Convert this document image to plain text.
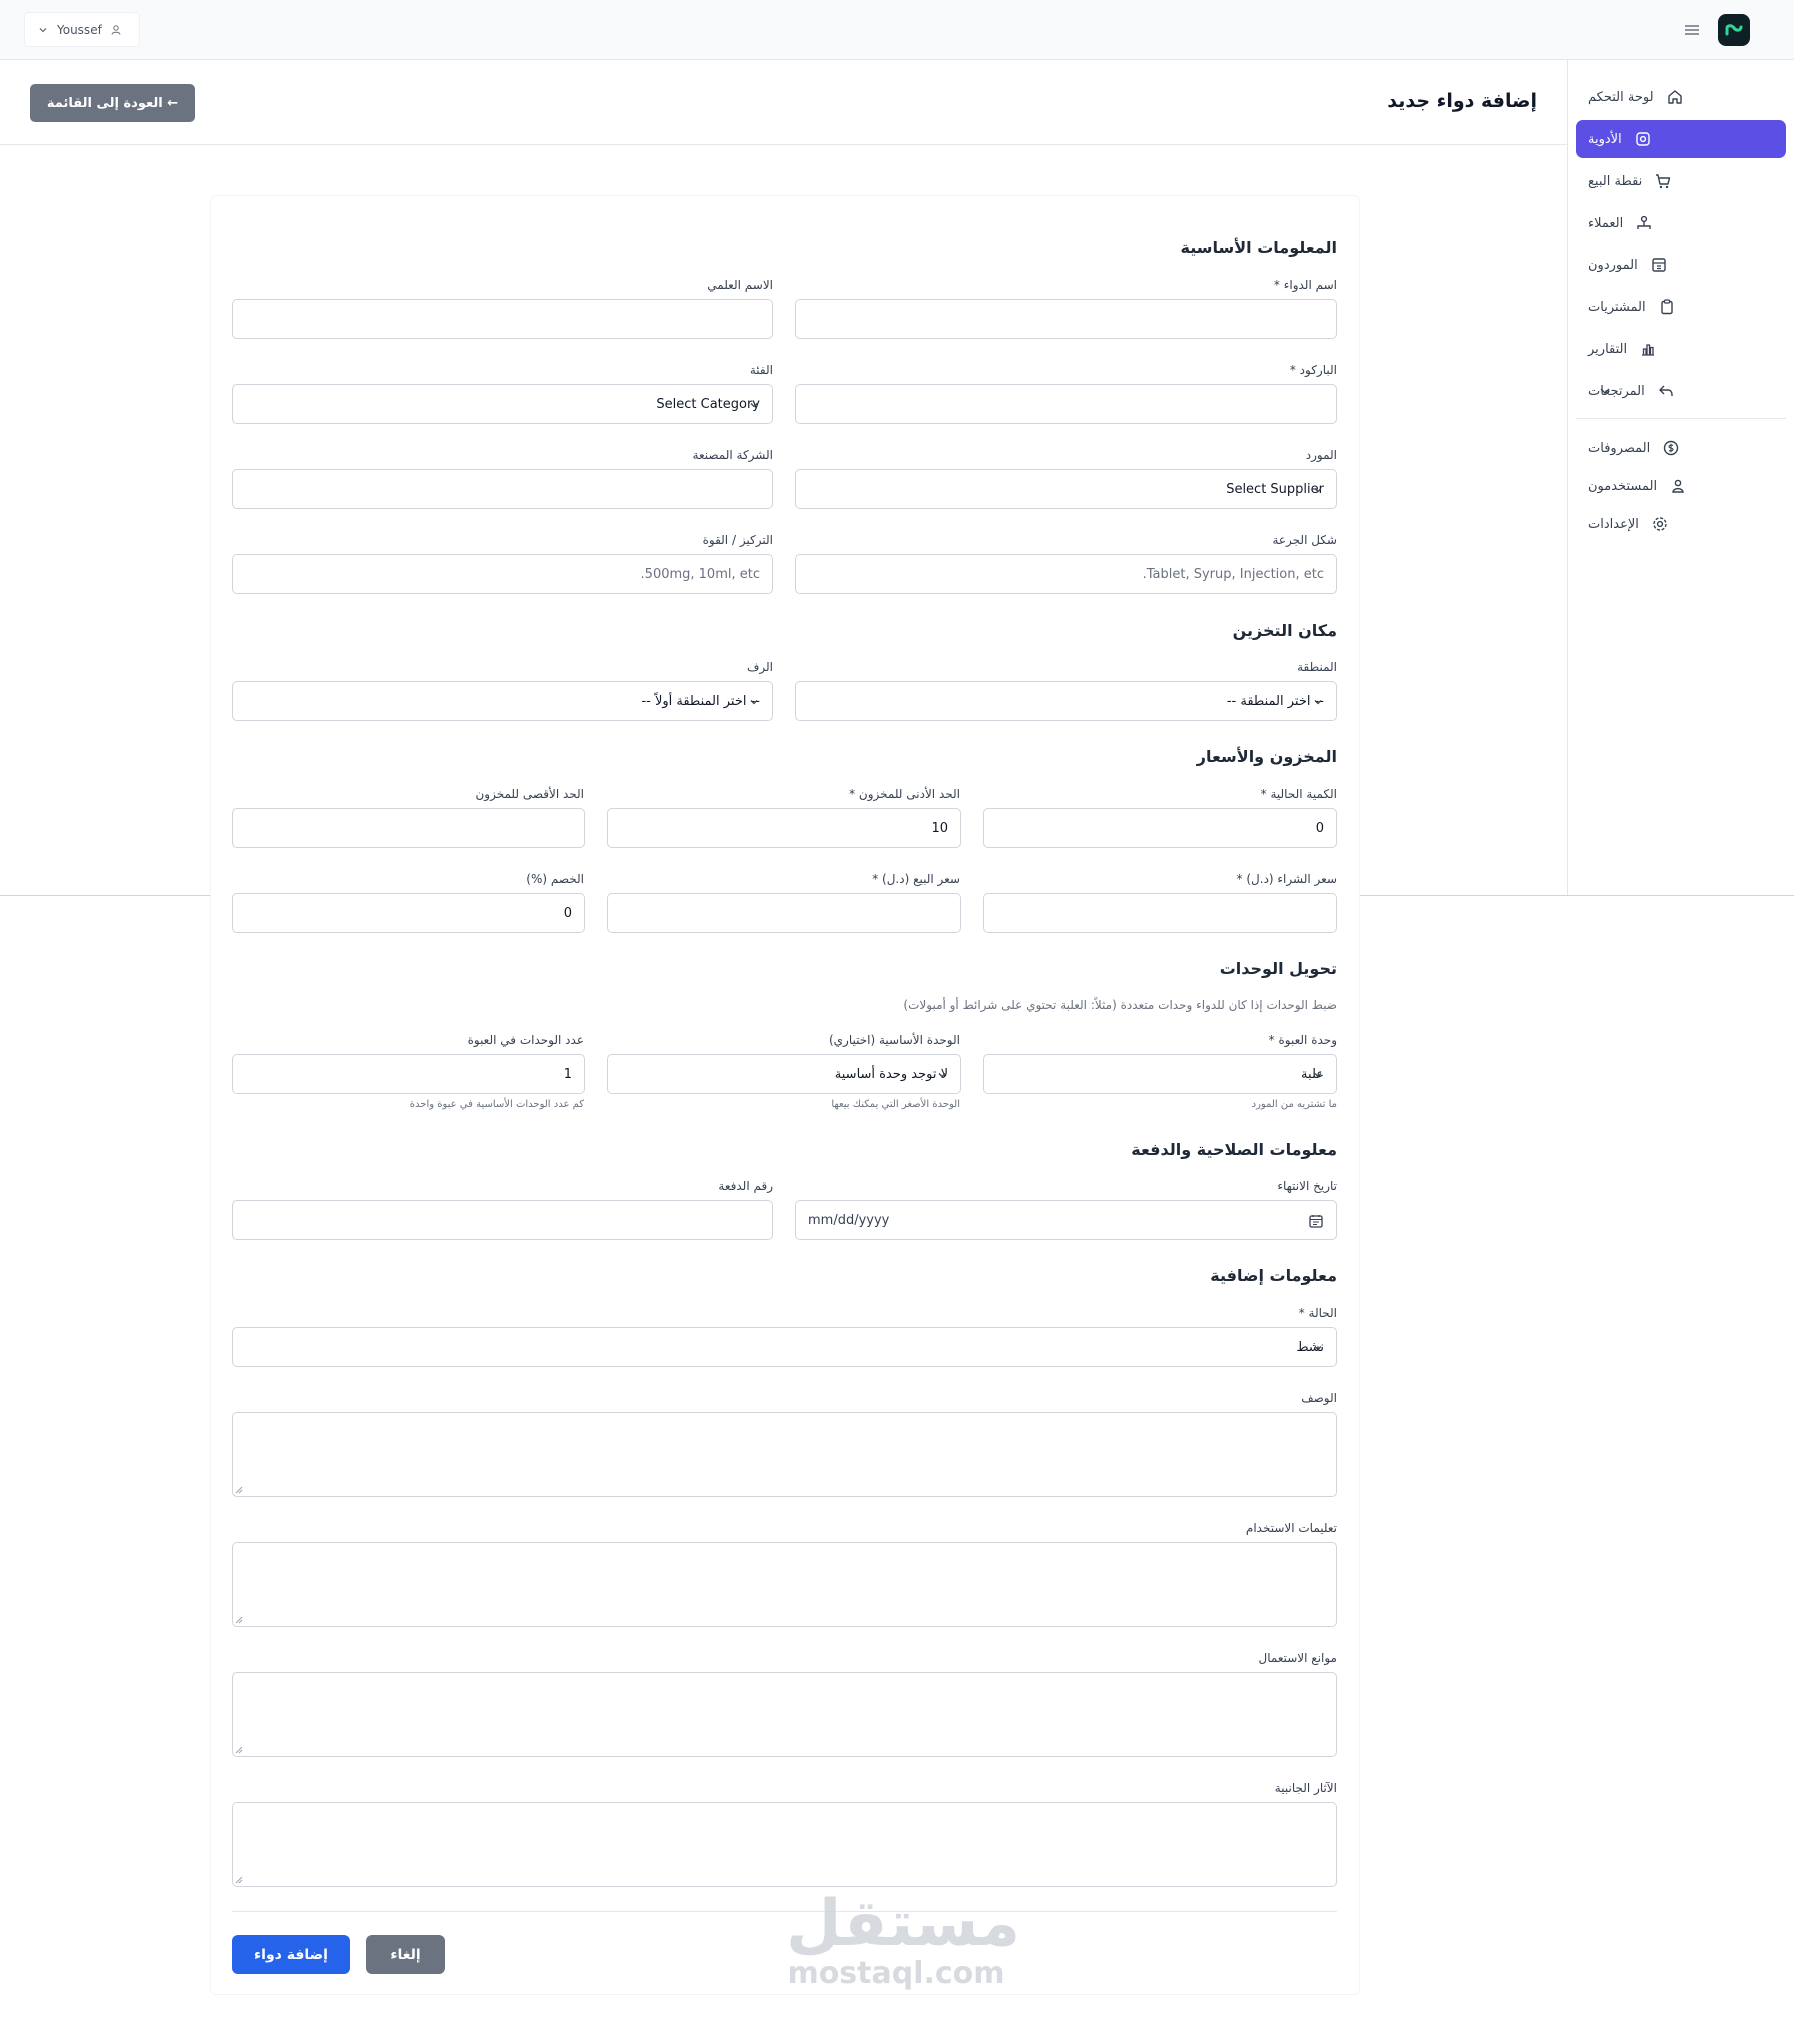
Youssef
لوحة التحكم
الأدوية
نقطة البيع
العملاء
الموردون
المشتريات
التقارير
المرتجعات
المصروفات
المستخدمون
الإعدادات
إضافة دواء جديد
← العودة إلى القائمة
المعلومات الأساسية
اسم الدواء *
الاسم العلمي
الباركود *
الفئة
Select Category
المورد
Select Supplier
الشركة المصنعة
شكل الجرعة
Tablet, Syrup, Injection, etc.
التركيز / القوة
500mg, 10ml, etc.
مكان التخزين
المنطقة
-- اختر المنطقة --
الرف
-- اختر المنطقة أولاً --
المخزون والأسعار
الكمية الحالية *
0
الحد الأدنى للمخزون *
10
الحد الأقصى للمخزون
سعر الشراء (د.ل) *
سعر البيع (د.ل) *
الخصم (%)
0
تحويل الوحدات
ضبط الوحدات إذا كان للدواء وحدات متعددة (مثلاً: العلبة تحتوي على شرائط أو أمبولات)
وحدة العبوة *
علبة
ما تشتريه من المورد
الوحدة الأساسية (اختياري)
لا توجد وحدة أساسية
الوحدة الأصغر التي يمكنك بيعها
عدد الوحدات في العبوة
1
كم عدد الوحدات الأساسية في عبوة واحدة
معلومات الصلاحية والدفعة
تاريخ الانتهاء
mm/dd/yyyy
رقم الدفعة
معلومات إضافية
الحالة *
نشط
الوصف
تعليمات الاستخدام
موانع الاستعمال
الآثار الجانبية
إضافة دواء	إلغاء	مستقل
mostaql.com
